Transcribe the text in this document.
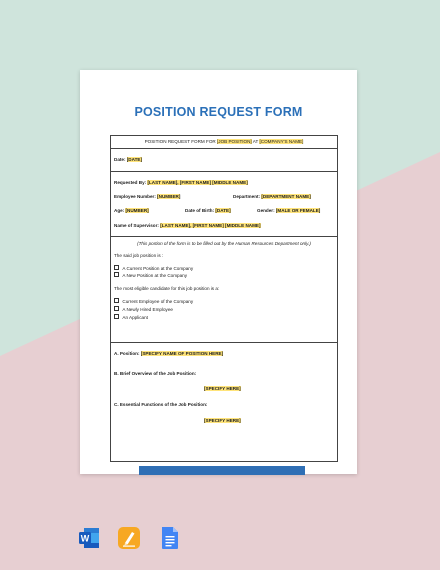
POSITION REQUEST FORM
POSITION REQUEST FORM FOR [JOB POSITION] AT [COMPANY'S NAME]
Date: [DATE]
Requested By: [LAST NAME], [FIRST NAME] [MIDDLE NAME]
Employee Number: [NUMBER]	Department: [DEPARTMENT NAME]
Age: [NUMBER]	Date of Birth: [DATE]	Gender: [MALE OR FEMALE]
Name of Supervisor: [LAST NAME], [FIRST NAME] [MIDDLE NAME]
(This portion of the form is to be filled out by the Human Resources Department only.)
The said job position is :
A Current Position at the Company
A New Position at the Company
The most eligible candidate for this job position is a:
Current Employee of the Company
A Newly Hired Employee
An Applicant
A. Position: [SPECIFY NAME OF POSITION HERE]
B. Brief Overview of the Job Position:
[SPECIFY HERE]
C. Essential Functions of the Job Position:
[SPECIFY HERE]
W
